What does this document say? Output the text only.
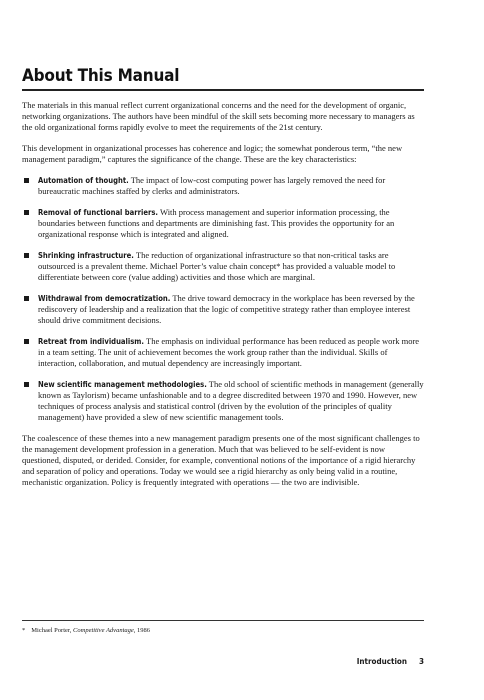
About This Manual

The materials in this manual reflect current organizational concerns and the need for the development of organic, networking organizations. The authors have been mindful of the skill sets becoming more necessary to managers as the old organizational forms rapidly evolve to meet the requirements of the 21st century.

This development in organizational processes has coherence and logic; the somewhat ponderous term, “the new management paradigm,” captures the significance of the change. These are the key characteristics:

Automation of thought. The impact of low-cost computing power has largely removed the need for bureaucratic machines staffed by clerks and administrators.
Removal of functional barriers. With process management and superior information processing, the boundaries between functions and departments are diminishing fast. This provides the opportunity for an organizational response which is integrated and aligned.
Shrinking infrastructure. The reduction of organizational infrastructure so that non-critical tasks are outsourced is a prevalent theme. Michael Porter’s value chain concept* has provided a valuable model to differentiate between core (value adding) activities and those which are marginal.
Withdrawal from democratization. The drive toward democracy in the workplace has been reversed by the rediscovery of leadership and a realization that the logic of competitive strategy rather than employee interest should drive commitment decisions.
Retreat from individualism. The emphasis on individual performance has been reduced as people work more in a team setting. The unit of achievement becomes the work group rather than the individual. Skills of interaction, collaboration, and mutual dependency are increasingly important.
New scientific management methodologies. The old school of scientific methods in management (generally known as Taylorism) became unfashionable and to a degree discredited between 1970 and 1990. However, new techniques of process analysis and statistical control (driven by the evolution of the principles of quality management) have provided a slew of new scientific management tools.

The coalescence of these themes into a new management paradigm presents one of the most significant challenges to the management development profession in a generation. Much that was believed to be self-evident is now questioned, disputed, or derided. Consider, for example, conventional notions of the importance of a rigid hierarchy and separation of policy and operations. Today we would see a rigid hierarchy as only being valid in a routine, mechanistic organization. Policy is frequently integrated with operations — the two are indivisible.

* Michael Porter, Competitive Advantage, 1986
Introduction 3
